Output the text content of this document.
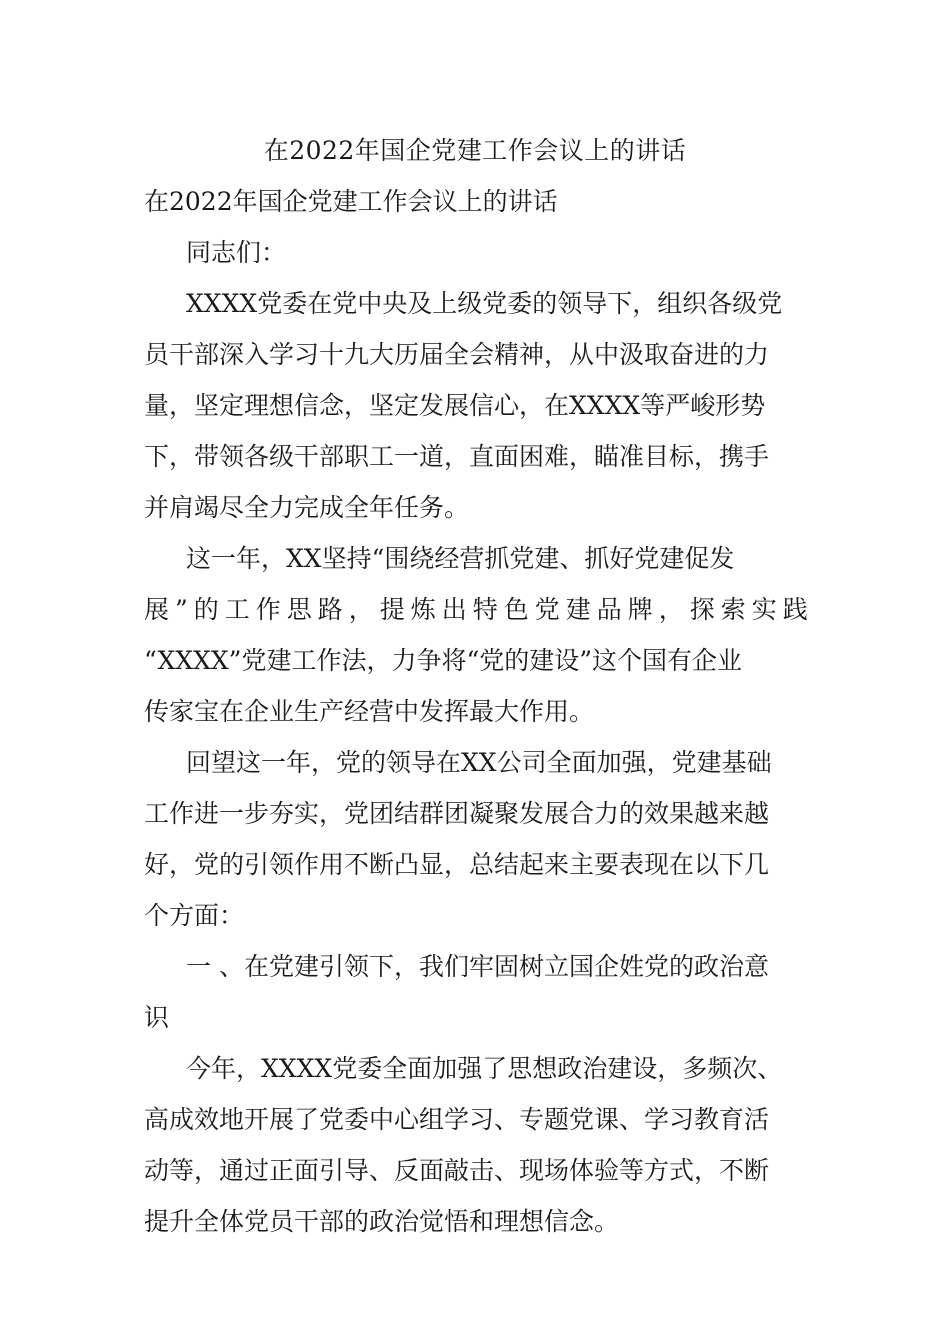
在2022年国企党建工作会议上的讲话
在2022年国企党建工作会议上的讲话
同志们：
XXXX党委在党中央及上级党委的领导下，组织各级党
员干部深入学习十九大历届全会精神，从中汲取奋进的力
量，坚定理想信念，坚定发展信心，在XXXX等严峻形势
下，带领各级干部职工一道，直面困难，瞄准目标，携手
并肩竭尽全力完成全年任务。
这一年，XX坚持“围绕经营抓党建、抓好党建促发
展”的工作思路，提炼出特色党建品牌，探索实践
“XXXX”党建工作法，力争将“党的建设”这个国有企业
传家宝在企业生产经营中发挥最大作用。
回望这一年，党的领导在XX公司全面加强，党建基础
工作进一步夯实，党团结群团凝聚发展合力的效果越来越
好，党的引领作用不断凸显，总结起来主要表现在以下几
个方面：
一 、在党建引领下，我们牢固树立国企姓党的政治意
识
今年，XXXX党委全面加强了思想政治建设，多频次、
高成效地开展了党委中心组学习、专题党课、学习教育活
动等，通过正面引导、反面敲击、现场体验等方式，不断
提升全体党员干部的政治觉悟和理想信念。
